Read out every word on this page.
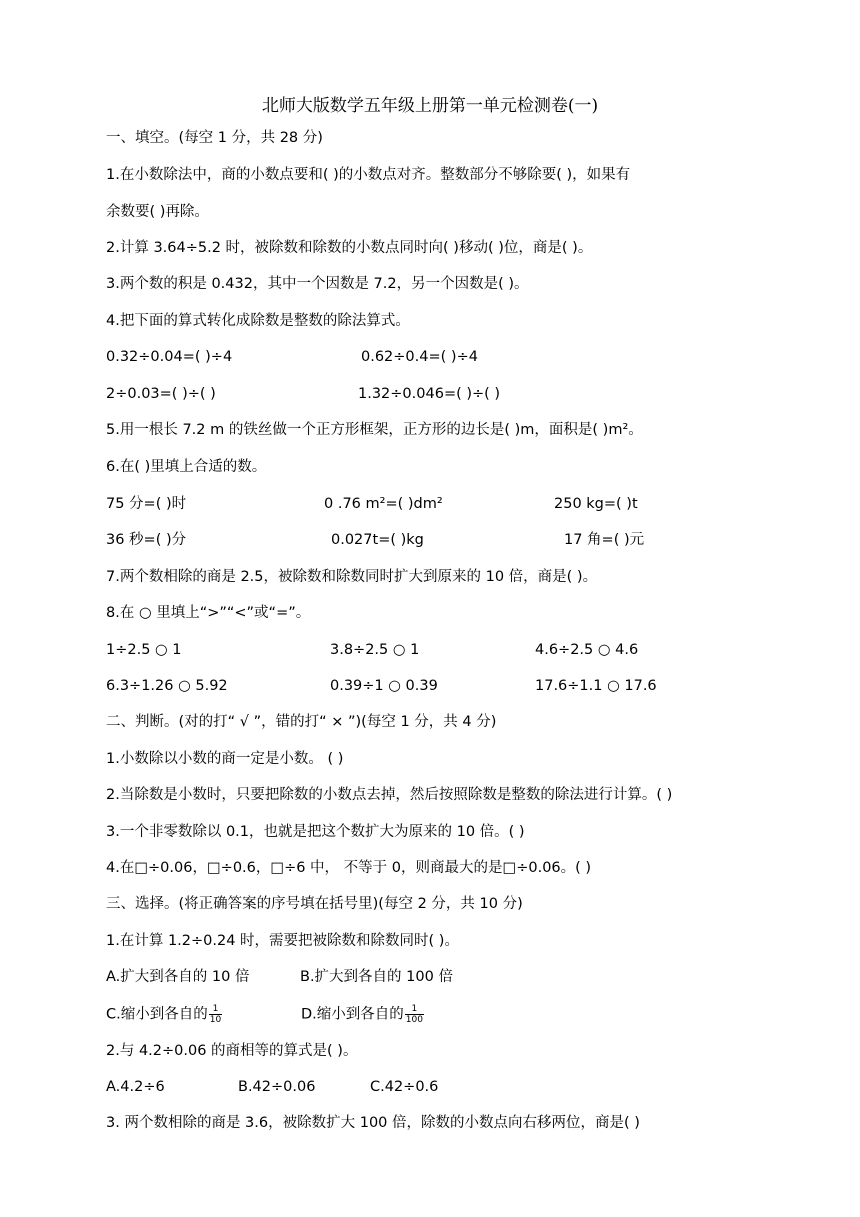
北师大版数学五年级上册第一单元检测卷(一)
一、填空。(每空 1 分，共 28 分)
1.在小数除法中，商的小数点要和( )的小数点对齐。整数部分不够除要( )，如果有
余数要( )再除。
2.计算 3.64÷5.2 时，被除数和除数的小数点同时向( )移动( )位，商是( )。
3.两个数的积是 0.432，其中一个因数是 7.2，另一个因数是( )。
4.把下面的算式转化成除数是整数的除法算式。
0.32÷0.04=( )÷4	0.62÷0.4=( )÷4
2÷0.03=( )÷( )	1.32÷0.046=( )÷( )
5.用一根长 7.2 m 的铁丝做一个正方形框架，正方形的边长是( )m，面积是( )m²。
6.在( )里填上合适的数。
75 分=( )时	0 .76 m²=( )dm²	250 kg=( )t
36 秒=( )分	0.027t=( )kg	17 角=( )元
7.两个数相除的商是 2.5，被除数和除数同时扩大到原来的 10 倍，商是( )。
8.在 ○ 里填上“>”“<”或“=”。
1÷2.5 ○ 1	3.8÷2.5 ○ 1	4.6÷2.5 ○ 4.6
6.3÷1.26 ○ 5.92	0.39÷1 ○ 0.39	17.6÷1.1 ○ 17.6
二、判断。(对的打“ √ ”，错的打“ × ”)(每空 1 分，共 4 分)
1.小数除以小数的商一定是小数。 ( )
2.当除数是小数时，只要把除数的小数点去掉，然后按照除数是整数的除法进行计算。( )
3.一个非零数除以 0.1，也就是把这个数扩大为原来的 10 倍。( )
4.在□÷0.06，□÷0.6，□÷6 中， 不等于 0，则商最大的是□÷0.06。( )
三、选择。(将正确答案的序号填在括号里)(每空 2 分，共 10 分)
1.在计算 1.2÷0.24 时，需要把被除数和除数同时( )。
A.扩大到各自的 10 倍	B.扩大到各自的 100 倍
C.缩小到各自的 $\frac{1}{10}$	D.缩小到各自的 $\frac{1}{100}$
2.与 4.2÷0.06 的商相等的算式是( )。
A.4.2÷6	B.42÷0.06	C.42÷0.6
3. 两个数相除的商是 3.6，被除数扩大 100 倍，除数的小数点向右移两位，商是( )
